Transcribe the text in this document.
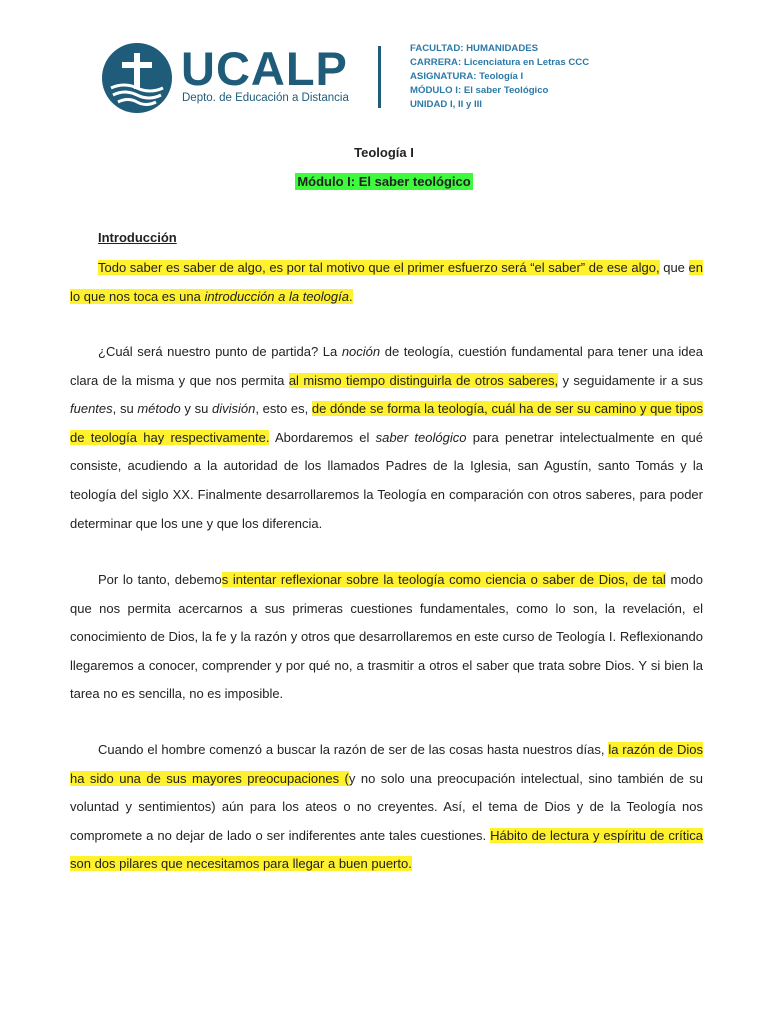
UCALP
Depto. de Educación a Distancia
FACULTAD: HUMANIDADES
CARRERA: Licenciatura en Letras CCC
ASIGNATURA: Teología I
MÓDULO I: El saber Teológico
UNIDAD I, II y III
Teología I
Módulo I: El saber teológico
Introducción

Todo saber es saber de algo, es por tal motivo que el primer esfuerzo será “el saber” de ese algo, que en lo que nos toca es una introducción a la teología.

¿Cuál será nuestro punto de partida? La noción de teología, cuestión fundamental para tener una idea clara de la misma y que nos permita al mismo tiempo distinguirla de otros saberes, y seguidamente ir a sus fuentes, su método y su división, esto es, de dónde se forma la teología, cuál ha de ser su camino y que tipos de teología hay respectivamente. Abordaremos el saber teológico para penetrar intelectualmente en qué consiste, acudiendo a la autoridad de los llamados Padres de la Iglesia, san Agustín, santo Tomás y la teología del siglo XX. Finalmente desarrollaremos la Teología en comparación con otros saberes, para poder determinar que los une y que los diferencia.

Por lo tanto, debemos intentar reflexionar sobre la teología como ciencia o saber de Dios, de tal modo que nos permita acercarnos a sus primeras cuestiones fundamentales, como lo son, la revelación, el conocimiento de Dios, la fe y la razón y otros que desarrollaremos en este curso de Teología I. Reflexionando llegaremos a conocer, comprender y por qué no, a trasmitir a otros el saber que trata sobre Dios. Y si bien la tarea no es sencilla, no es imposible.

Cuando el hombre comenzó a buscar la razón de ser de las cosas hasta nuestros días, la razón de Dios ha sido una de sus mayores preocupaciones (y no solo una preocupación intelectual, sino también de su voluntad y sentimientos) aún para los ateos o no creyentes. Así, el tema de Dios y de la Teología nos compromete a no dejar de lado o ser indiferentes ante tales cuestiones. Hábito de lectura y espíritu de crítica son dos pilares que necesitamos para llegar a buen puerto.
